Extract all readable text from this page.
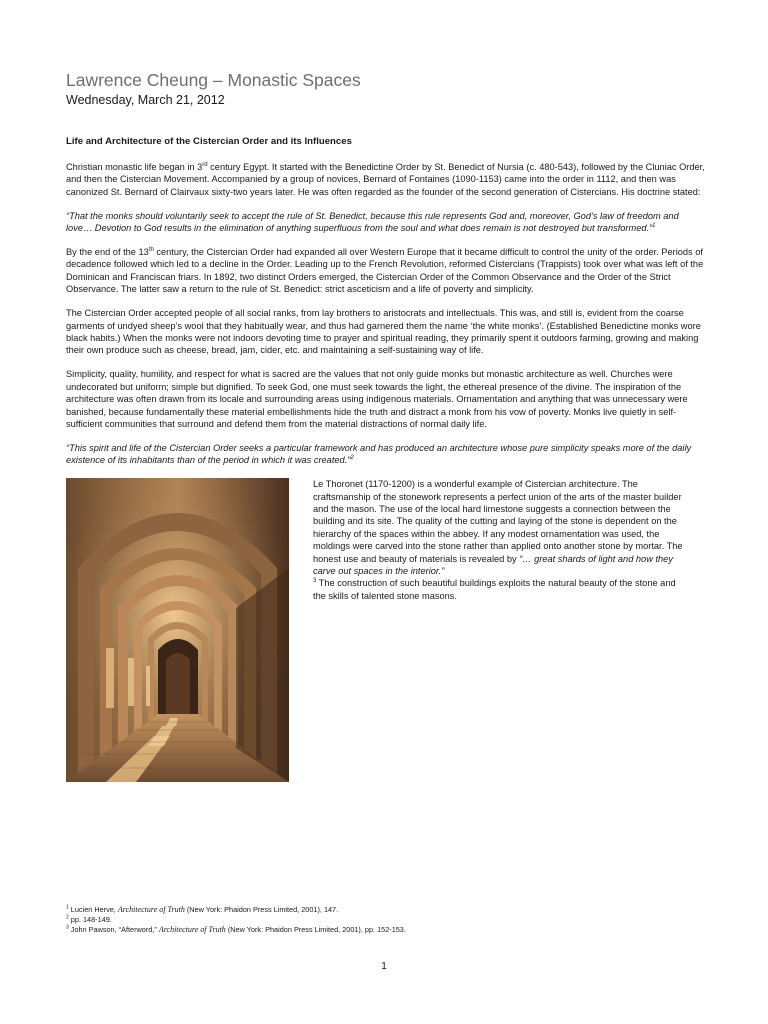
Lawrence Cheung – Monastic Spaces
Wednesday, March 21, 2012
Life and Architecture of the Cistercian Order and its Influences

Christian monastic life began in 3rd century Egypt. It started with the Benedictine Order by St. Benedict of Nursia (c. 480-543), followed by the Cluniac Order, and then the Cistercian Movement. Accompanied by a group of novices, Bernard of Fontaines (1090-1153) came into the order in 1112, and then was canonized St. Bernard of Clairvaux sixty-two years later. He was often regarded as the founder of the second generation of Cistercians. His doctrine stated:

“That the monks should voluntarily seek to accept the rule of St. Benedict, because this rule represents God and, moreover, God’s law of freedom and love… Devotion to God results in the elimination of anything superfluous from the soul and what does remain is not destroyed but transformed.”$^1$

By the end of the 13th century, the Cistercian Order had expanded all over Western Europe that it became difficult to control the unity of the order. Periods of decadence followed which led to a decline in the Order. Leading up to the French Revolution, reformed Cistercians (Trappists) took over what was left of the Dominican and Franciscan friars. In 1892, two distinct Orders emerged, the Cistercian Order of the Common Observance and the Order of the Strict Observance. The latter saw a return to the rule of St. Benedict: strict asceticism and a life of poverty and simplicity.

The Cistercian Order accepted people of all social ranks, from lay brothers to aristocrats and intellectuals. This was, and still is, evident from the coarse garments of undyed sheep’s wool that they habitually wear, and thus had garnered them the name ‘the white monks’. (Established Benedictine monks wore black habits.) When the monks were not indoors devoting time to prayer and spiritual reading, they primarily spent it outdoors farming, growing and making their own produce such as cheese, bread, jam, cider, etc. and maintaining a self-sustaining way of life.

Simplicity, quality, humility, and respect for what is sacred are the values that not only guide monks but monastic architecture as well. Churches were undecorated but uniform; simple but dignified. To seek God, one must seek towards the light, the ethereal presence of the divine. The inspiration of the architecture was often drawn from its locale and surrounding areas using indigenous materials. Ornamentation and anything that was unnecessary were banished, because fundamentally these material embellishments hide the truth and distract a monk from his vow of poverty. Monks live quietly in self-sufficient communities that surround and defend them from the material distractions of normal daily life.

“This spirit and life of the Cistercian Order seeks a particular framework and has produced an architecture whose pure simplicity speaks more of the daily existence of its inhabitants than of the period in which it was created.”$^2$

Le Thoronet (1170-1200) is a wonderful example of Cistercian architecture. The craftsmanship of the stonework represents a perfect union of the arts of the master builder and the mason. The use of the local hard limestone suggests a connection between the building and its site. The quality of the cutting and laying of the stone is dependent on the hierarchy of the spaces within the abbey. If any modest ornamentation was used, the moldings were carved into the stone rather than applied onto another stone by mortar. The honest use and beauty of materials is revealed by “… great shards of light and how they carve out spaces in the interior.”
$^3$ The construction of such beautiful buildings exploits the natural beauty of the stone and the skills of talented stone masons.

$^1$ Lucien Herve, Architecture of Truth (New York: Phaidon Press Limited, 2001), 147.
$^2$ pp. 148-149.
$^3$ John Pawson, “Afterword,” Architecture of Truth (New York: Phaidon Press Limited, 2001), pp. 152-153.
1
